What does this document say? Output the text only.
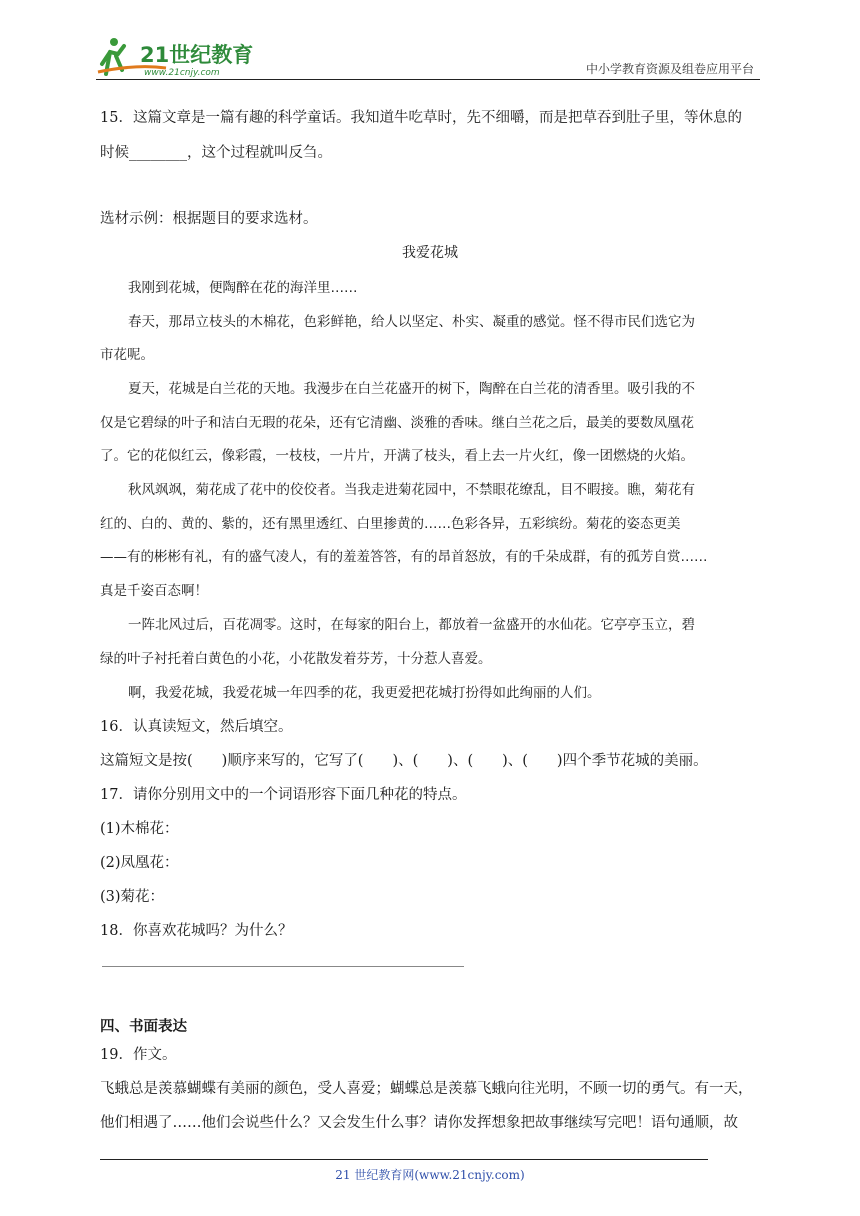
21世纪教育
www.21cnjy.com	中小学教育资源及组卷应用平台
15．这篇文章是一篇有趣的科学童话。我知道牛吃草时，先不细嚼，而是把草吞到肚子里，等休息的
时候________，这个过程就叫反刍。
选材示例：根据题目的要求选材。
我爱花城
我刚到花城，便陶醉在花的海洋里……
春天，那昂立枝头的木棉花，色彩鲜艳，给人以坚定、朴实、凝重的感觉。怪不得市民们选它为
市花呢。
夏天，花城是白兰花的天地。我漫步在白兰花盛开的树下，陶醉在白兰花的清香里。吸引我的不
仅是它碧绿的叶子和洁白无瑕的花朵，还有它清幽、淡雅的香味。继白兰花之后，最美的要数凤凰花
了。它的花似红云，像彩霞，一枝枝，一片片，开满了枝头，看上去一片火红，像一团燃烧的火焰。
秋风飒飒，菊花成了花中的佼佼者。当我走进菊花园中，不禁眼花缭乱，目不暇接。瞧，菊花有
红的、白的、黄的、紫的，还有黑里透红、白里掺黄的……色彩各异，五彩缤纷。菊花的姿态更美
——有的彬彬有礼，有的盛气凌人，有的羞羞答答，有的昂首怒放，有的千朵成群，有的孤芳自赏……
真是千姿百态啊！
一阵北风过后，百花凋零。这时，在每家的阳台上，都放着一盆盛开的水仙花。它亭亭玉立，碧
绿的叶子衬托着白黄色的小花，小花散发着芬芳，十分惹人喜爱。
啊，我爱花城，我爱花城一年四季的花，我更爱把花城打扮得如此绚丽的人们。
16．认真读短文，然后填空。
这篇短文是按(　　)顺序来写的，它写了(　　)、(　　)、(　　)、(　　)四个季节花城的美丽。
17．请你分别用文中的一个词语形容下面几种花的特点。
(1)木棉花：
(2)凤凰花：
(3)菊花：
18．你喜欢花城吗？为什么？
四、书面表达
19．作文。
飞蛾总是羡慕蝴蝶有美丽的颜色，受人喜爱；蝴蝶总是羡慕飞蛾向往光明，不顾一切的勇气。有一天，
他们相遇了……他们会说些什么？又会发生什么事？请你发挥想象把故事继续写完吧！语句通顺，故
21 世纪教育网(www.21cnjy.com)
